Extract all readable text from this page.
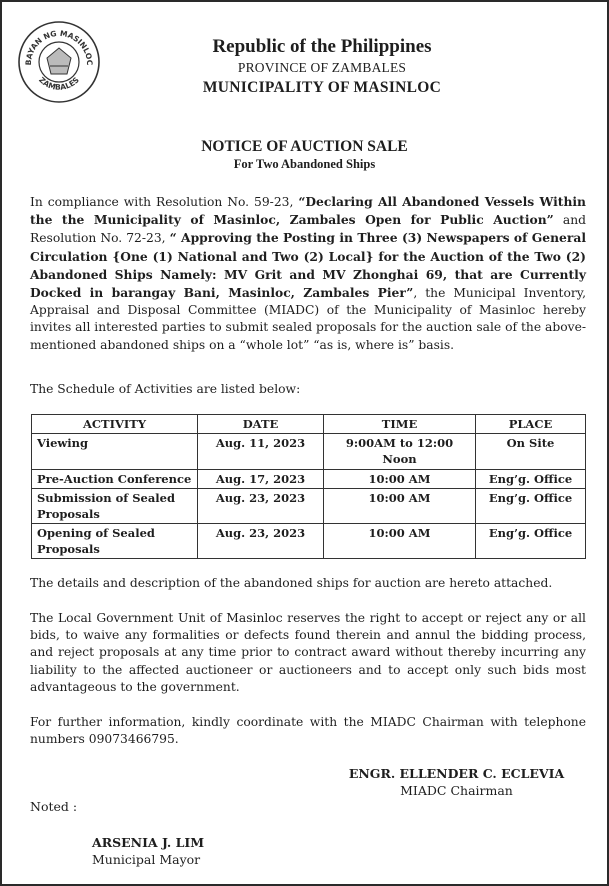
BAYAN NG MASINLOC
ZAMBALES
Republic of the Philippines
PROVINCE OF ZAMBALES
MUNICIPALITY OF MASINLOC
NOTICE OF AUCTION SALE
For Two Abandoned Ships

In compliance with Resolution No. 59-23, “Declaring All Abandoned Vessels Within the the Municipality of Masinloc, Zambales Open for Public Auction” and Resolution No. 72-23, “ Approving the Posting in Three (3) Newspapers of General Circulation {One (1) National and Two (2) Local} for the Auction of the Two (2) Abandoned Ships Namely: MV Grit and MV Zhonghai 69, that are Currently Docked in barangay Bani, Masinloc, Zambales Pier”, the Municipal Inventory, Appraisal and Disposal Committee (MIADC) of the Municipality of Masinloc hereby invites all interested parties to submit sealed proposals for the auction sale of the above-mentioned abandoned ships on a “whole lot” “as is, where is” basis.

The Schedule of Activities are listed below:

ACTIVITY	DATE	TIME	PLACE
Viewing	Aug. 11, 2023	9:00AM to 12:00 Noon	On Site
Pre-Auction Conference	Aug. 17, 2023	10:00 AM	Eng’g. Office
Submission of Sealed Proposals	Aug. 23, 2023	10:00 AM	Eng’g. Office
Opening of Sealed Proposals	Aug. 23, 2023	10:00 AM	Eng’g. Office

The details and description of the abandoned ships for auction are hereto attached.

The Local Government Unit of Masinloc reserves the right to accept or reject any or all bids, to waive any formalities or defects found therein and annul the bidding process, and reject proposals at any time prior to contract award without thereby incurring any liability to the affected auctioneer or auctioneers and to accept only such bids most advantageous to the government.

For further information, kindly coordinate with the MIADC Chairman with telephone numbers 09073466795.

ENGR. ELLENDER C. ECLEVIA
MIADC Chairman
Noted :
ARSENIA J. LIM
Municipal Mayor
